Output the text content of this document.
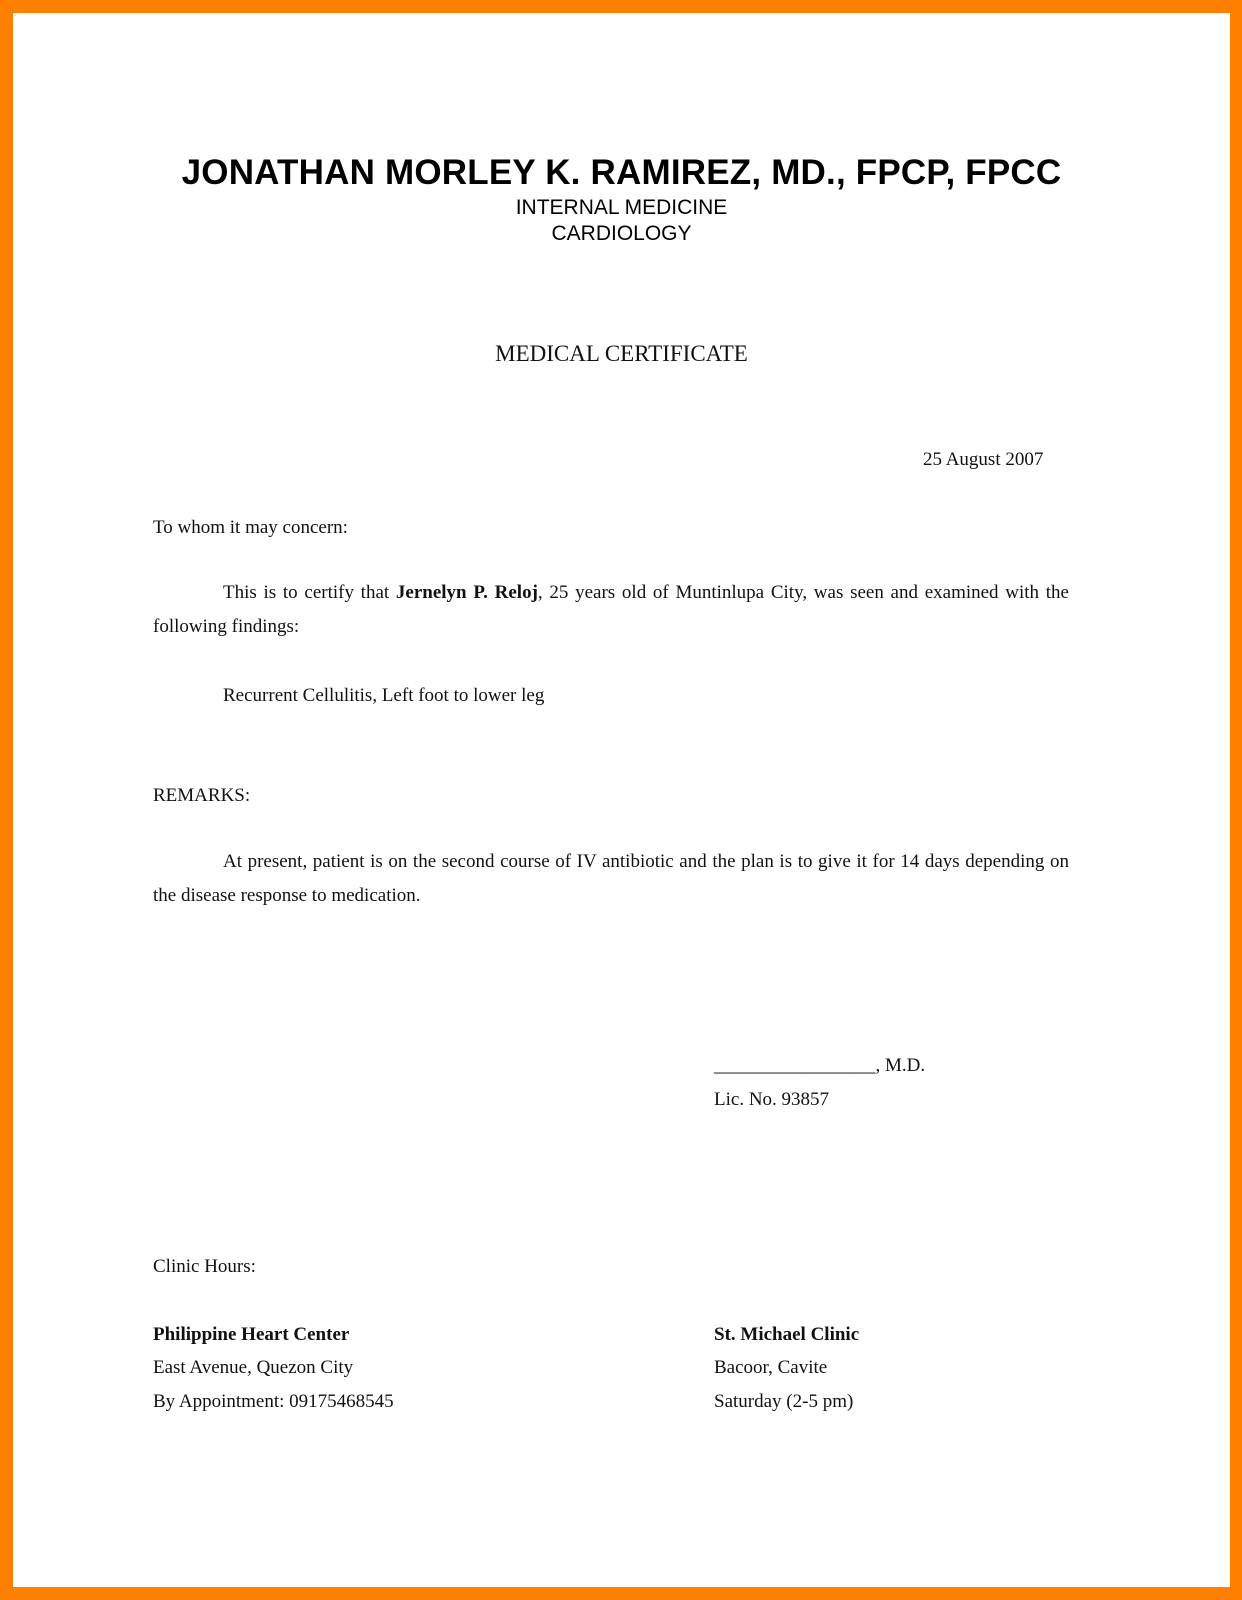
JONATHAN MORLEY K. RAMIREZ, MD., FPCP, FPCC
INTERNAL MEDICINE
CARDIOLOGY
MEDICAL CERTIFICATE
25 August 2007
To whom it may concern:
This is to certify that Jernelyn P. Reloj, 25 years old of Muntinlupa City, was seen and examined with the following findings:
Recurrent Cellulitis, Left foot to lower leg
REMARKS:
At present, patient is on the second course of IV antibiotic and the plan is to give it for 14 days depending on the disease response to medication.
_________________, M.D.
Lic. No. 93857
Clinic Hours:
Philippine Heart Center
East Avenue, Quezon City
By Appointment: 09175468545
St. Michael Clinic
Bacoor, Cavite
Saturday (2-5 pm)
